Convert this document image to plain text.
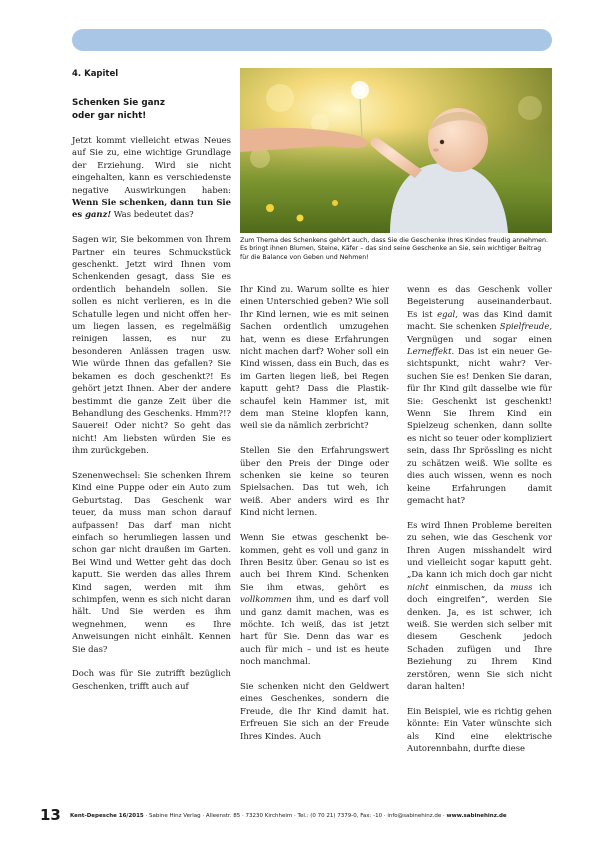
4. Kapitel
Schenken Sie ganz
oder gar nicht!

Jetzt kommt vielleicht etwas Neues auf Sie zu, eine wichtige Grundlage der Erziehung. Wird sie nicht eingehalten, kann es verschiedenste negative Auswirkungen haben: Wenn Sie schenken, dann tun Sie es ganz! Was bedeutet das?

Sagen wir, Sie bekommen von Ihrem Partner ein teures Schmuckstück geschenkt. Jetzt wird Ihnen vom Schenkenden gesagt, dass Sie es ordentlich behandeln sollen. Sie sollen es nicht verlieren, es in die Schatulle legen und nicht offen herum liegen lassen, es regelmäßig reinigen lassen, es nur zu besonderen Anlässen tragen usw. Wie würde Ihnen das gefallen? Sie bekamen es doch geschenkt?! Es gehört jetzt Ihnen. Aber der andere bestimmt die ganze Zeit über die Behandlung des Geschenks. Hmm?!? Sauerei! Oder nicht? So geht das nicht! Am liebsten würden Sie es ihm zurückgeben.

Szenenwechsel: Sie schenken Ihrem Kind eine Puppe oder ein Auto zum Geburtstag. Das Geschenk war teuer, da muss man schon darauf aufpassen! Das darf man nicht einfach so herumliegen lassen und schon gar nicht draußen im Garten. Bei Wind und Wetter geht das doch kaputt. Sie werden das alles Ihrem Kind sagen, werden mit ihm schimpfen, wenn es sich nicht daran hält. Und Sie werden es ihm wegnehmen, wenn es Ihre Anweisungen nicht einhält. Kennen Sie das?

Doch was für Sie zutrifft bezüglich Geschenken, trifft auch auf

Zum Thema des Schenkens gehört auch, dass Sie die Geschenke Ihres Kindes freudig annehmen. Es bringt ihnen Blumen, Steine, Käfer – das sind seine Geschenke an Sie, sein wichtiger Beitrag für die Balance von Geben und Nehmen!

Ihr Kind zu. Warum sollte es hier einen Unterschied geben? Wie soll Ihr Kind lernen, wie es mit seinen Sachen ordentlich umzugehen hat, wenn es diese Erfahrungen nicht machen darf? Woher soll ein Kind wissen, dass ein Buch, das es im Garten liegen ließ, bei Regen kaputt geht? Dass die Plastikschaufel kein Hammer ist, mit dem man Steine klopfen kann, weil sie da nämlich zerbricht?

Stellen Sie den Erfahrungswert über den Preis der Dinge oder schenken sie keine so teuren Spielsachen. Das tut weh, ich weiß. Aber anders wird es Ihr Kind nicht lernen.

Wenn Sie etwas geschenkt bekommen, geht es voll und ganz in Ihren Besitz über. Genau so ist es auch bei Ihrem Kind. Schenken Sie ihm etwas, gehört es vollkommen ihm, und es darf voll und ganz damit machen, was es möchte. Ich weiß, das ist jetzt hart für Sie. Denn das war es auch für mich – und ist es heute noch manchmal.

Sie schenken nicht den Geldwert eines Geschenkes, sondern die Freude, die Ihr Kind damit hat. Erfreuen Sie sich an der Freude Ihres Kindes. Auch

wenn es das Geschenk voller Begeisterung auseinanderbaut. Es ist egal, was das Kind damit macht. Sie schenken Spielfreude, Vergnügen und sogar einen Lerneffekt. Das ist ein neuer Gesichtspunkt, nicht wahr? Versuchen Sie es! Denken Sie daran, für Ihr Kind gilt dasselbe wie für Sie: Geschenkt ist geschenkt! Wenn Sie Ihrem Kind ein Spielzeug schenken, dann sollte es nicht so teuer oder kompliziert sein, dass Ihr Sprössling es nicht zu schätzen weiß. Wie sollte es dies auch wissen, wenn es noch keine Erfahrungen damit gemacht hat?

Es wird Ihnen Probleme bereiten zu sehen, wie das Geschenk vor Ihren Augen misshandelt wird und vielleicht sogar kaputt geht. „Da kann ich mich doch gar nicht nicht einmischen, da muss ich doch eingreifen“, werden Sie denken. Ja, es ist schwer, ich weiß. Sie werden sich selber mit diesem Geschenk jedoch Schaden zufügen und Ihre Beziehung zu Ihrem Kind zerstören, wenn Sie sich nicht daran halten!

Ein Beispiel, wie es richtig gehen könnte: Ein Vater wünschte sich als Kind eine elektrische Autorennbahn, durfte diese

13 Kent-Depesche 16/2015 · Sabine Hinz Verlag · Alleenstr. 85 · 73230 Kirchheim · Tel.: (0 70 21) 7379-0, Fax: -10 · info@sabinehinz.de · www.sabinehinz.de
